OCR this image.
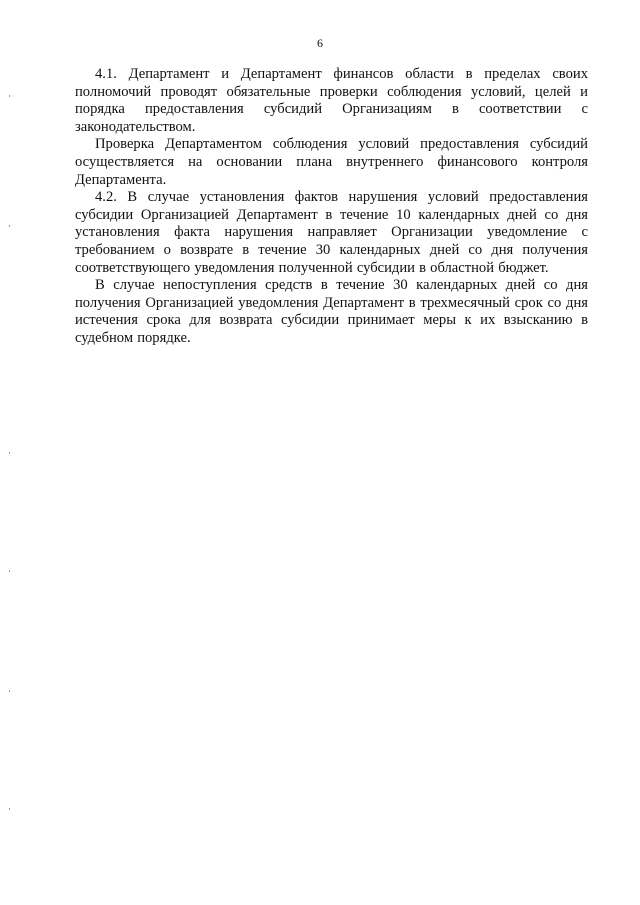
6

4.1. Департамент и Департамент финансов области в пределах своих полномочий проводят обязательные проверки соблюдения условий, целей и порядка предоставления субсидий Организациям в соответствии с законодательством.

Проверка Департаментом соблюдения условий предоставления субсидий осуществляется на основании плана внутреннего финансового контроля Департамента.

4.2. В случае установления фактов нарушения условий предоставления субсидии Организацией Департамент в течение 10 календарных дней со дня установления факта нарушения направляет Организации уведомление с требованием о возврате в течение 30 календарных дней со дня получения соответствующего уведомления полученной субсидии в областной бюджет.

В случае непоступления средств в течение 30 календарных дней со дня получения Организацией уведомления Департамент в трехмесячный срок со дня истечения срока для возврата субсидии принимает меры к их взысканию в судебном порядке.
